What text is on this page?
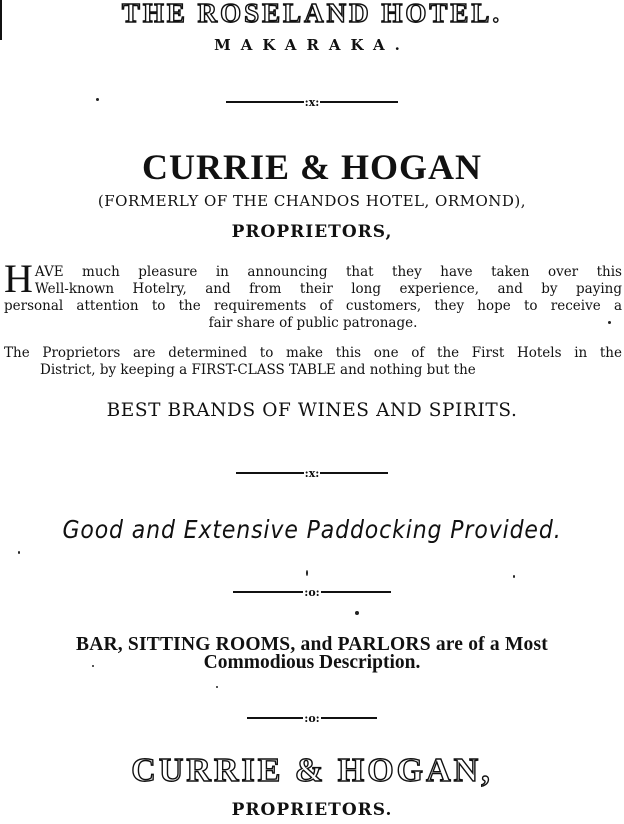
THE ROSELAND HOTEL.
MAKARAKA.
:x:
CURRIE & HOGAN
(FORMERLY OF THE CHANDOS HOTEL, ORMOND),
PROPRIETORS,
H AVE much pleasure in announcing that they have taken over this
Well-known Hotelry, and from their long experience, and by paying
personal attention to the requirements of customers, they hope to receive a
fair share of public patronage.
The Proprietors are determined to make this one of the First Hotels in the
District, by keeping a FIRST-CLASS TABLE and nothing but the
BEST BRANDS OF WINES AND SPIRITS.
:x:
Good and Extensive Paddocking Provided.
:o:
BAR, SITTING ROOMS, and PARLORS are of a Most
Commodious Description.
:o:
CURRIE & HOGAN,
PROPRIETORS.
